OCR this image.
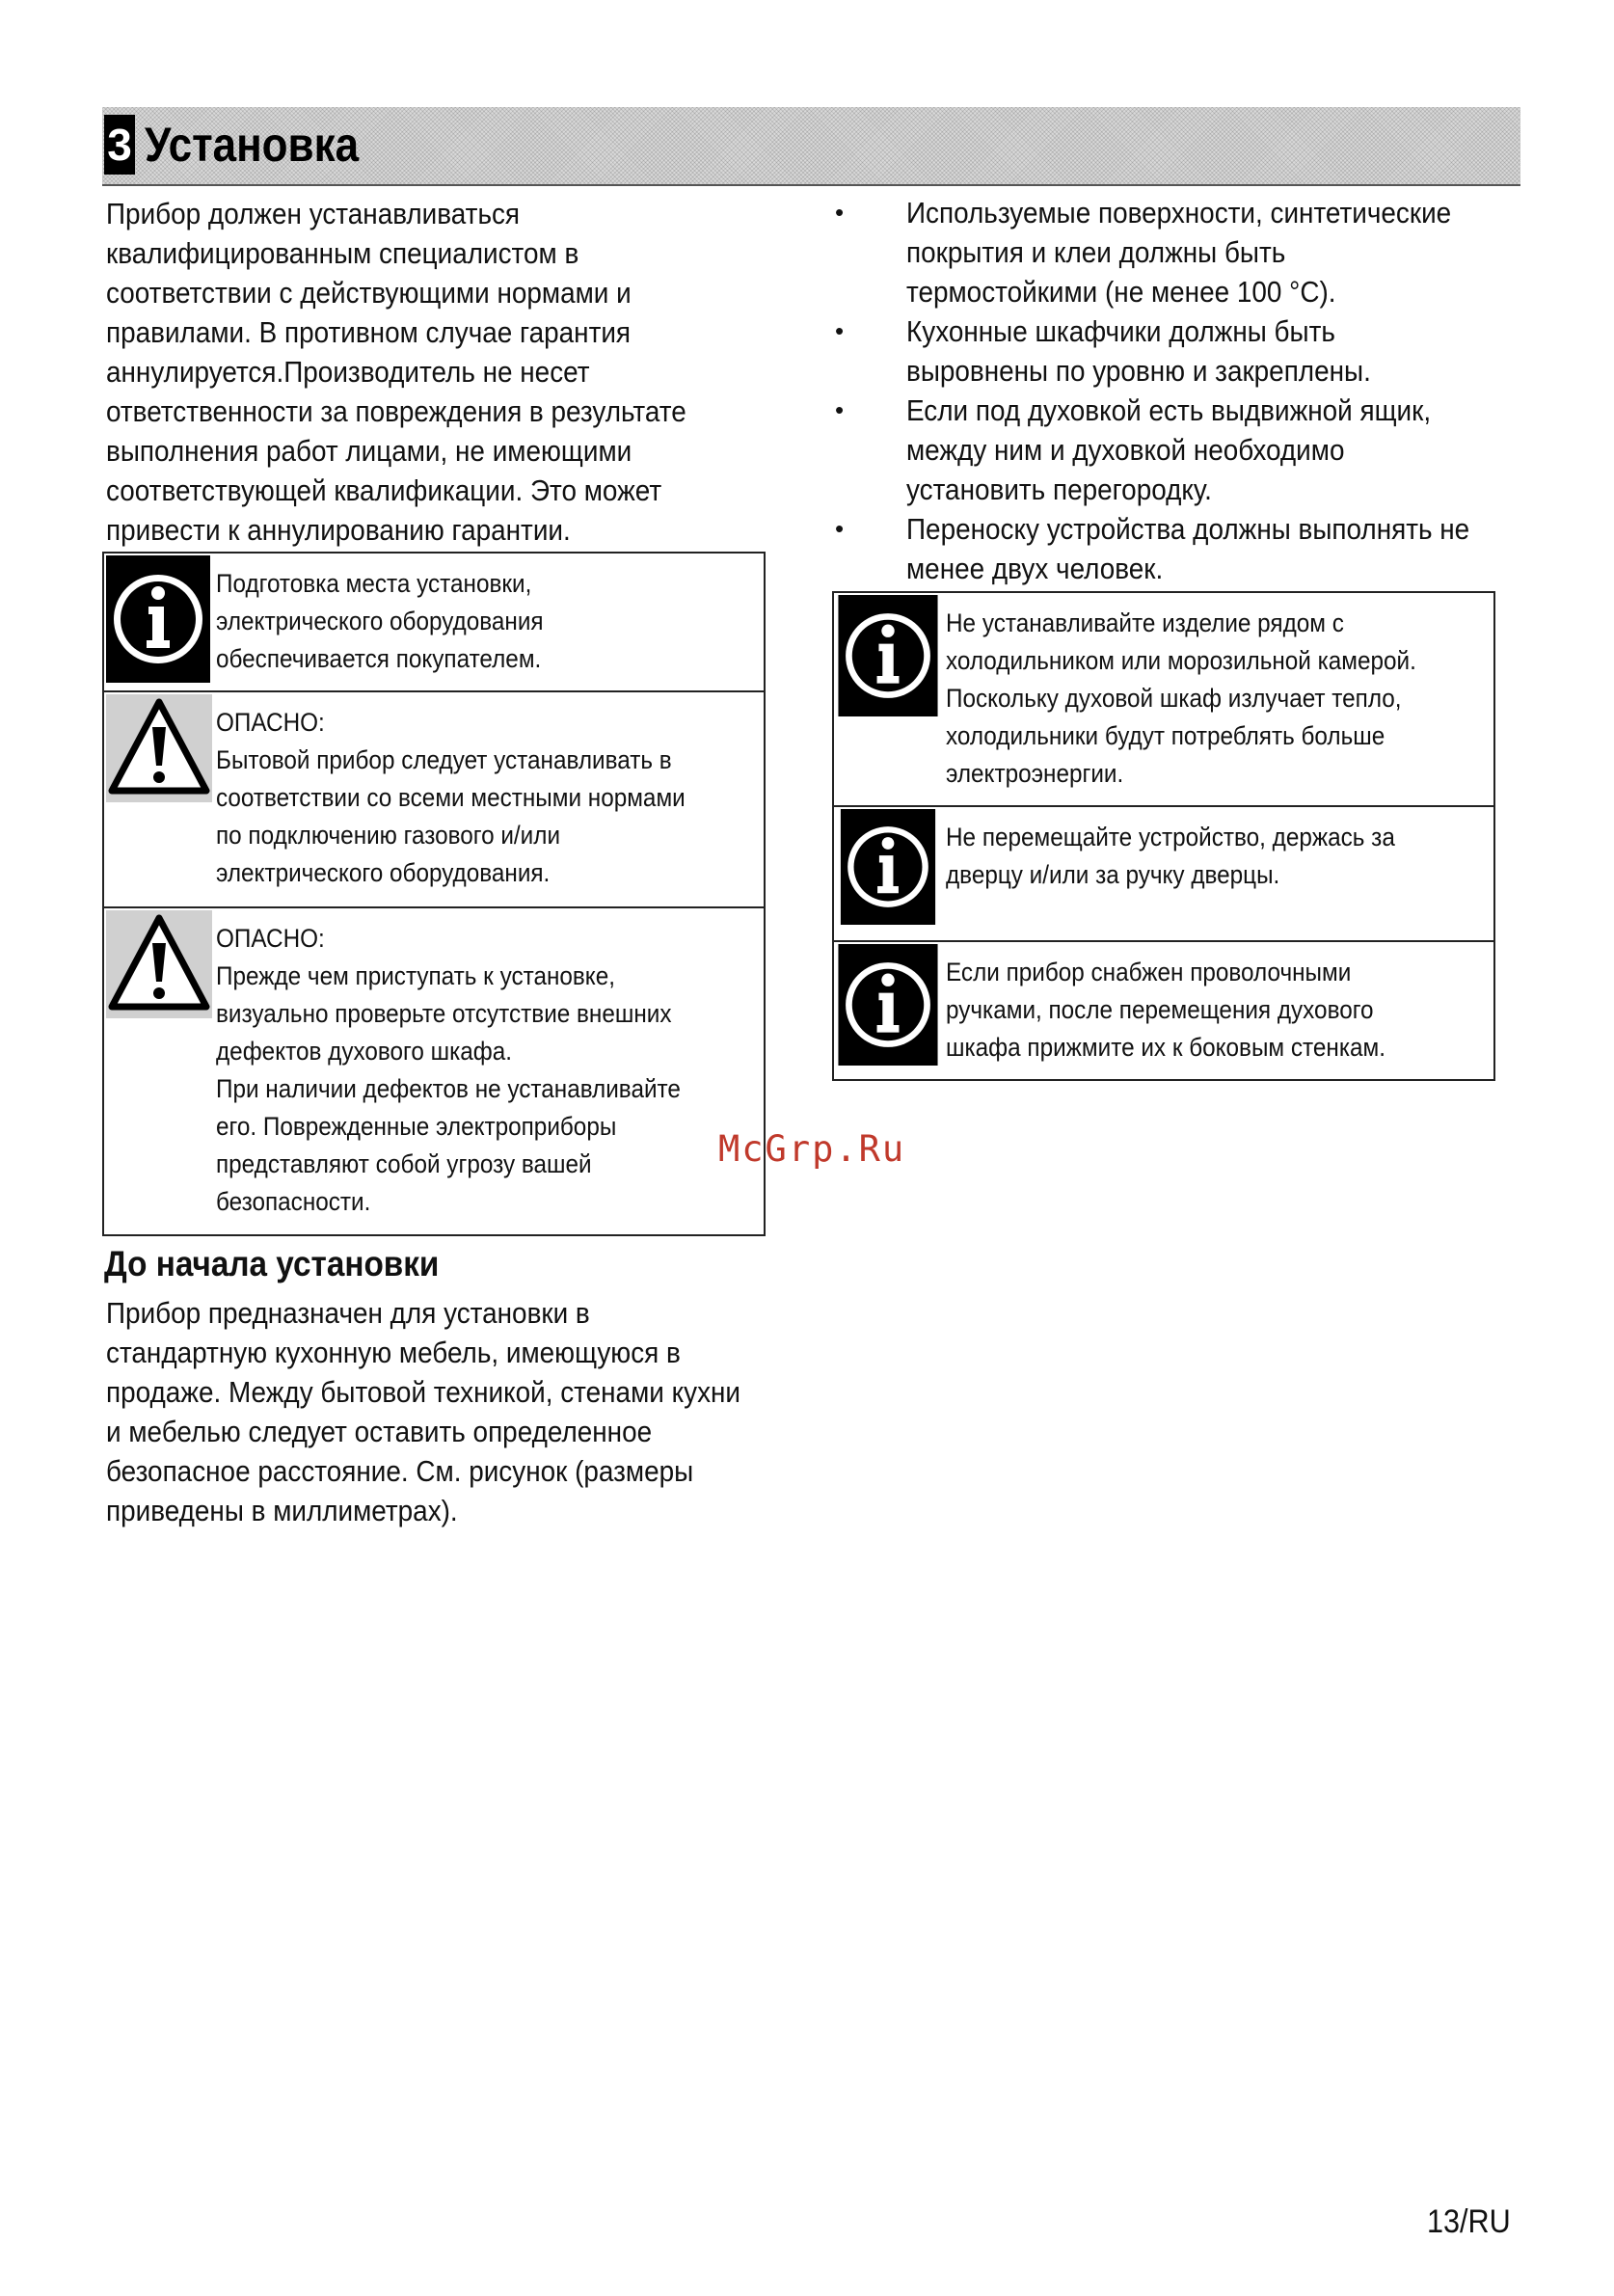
3 Установка
Прибор должен устанавливаться
квалифицированным специалистом в
соответствии с действующими нормами и
правилами. В противном случае гарантия
аннулируется.Производитель не несет
ответственности за повреждения в результате
выполнения работ лицами, не имеющими
соответствующей квалификации. Это может
привести к аннулированию гарантии.
Подготовка места установки,
электрического оборудования
обеспечивается покупателем.
ОПАСНО:
Бытовой прибор следует устанавливать в
соответствии со всеми местными нормами
по подключению газового и/или
электрического оборудования.
ОПАСНО:
Прежде чем приступать к установке,
визуально проверьте отсутствие внешних
дефектов духового шкафа.
При наличии дефектов не устанавливайте
его. Поврежденные электроприборы
представляют собой угрозу вашей
безопасности.
До начала установки
Прибор предназначен для установки в
стандартную кухонную мебель, имеющуюся в
продаже. Между бытовой техникой, стенами кухни
и мебелью следует оставить определенное
безопасное расстояние. См. рисунок (размеры
приведены в миллиметрах).
• Используемые поверхности, синтетические
покрытия и клеи должны быть
термостойкими (не менее 100 °C).
• Кухонные шкафчики должны быть
выровнены по уровню и закреплены.
• Если под духовкой есть выдвижной ящик,
между ним и духовкой необходимо
установить перегородку.
• Переноску устройства должны выполнять не
менее двух человек.
Не устанавливайте изделие рядом с
холодильником или морозильной камерой.
Поскольку духовой шкаф излучает тепло,
холодильники будут потреблять больше
электроэнергии.
Не перемещайте устройство, держась за
дверцу и/или за ручку дверцы.
Если прибор снабжен проволочными
ручками, после перемещения духового
шкафа прижмите их к боковым стенкам.
McGrp.Ru
13/RU
